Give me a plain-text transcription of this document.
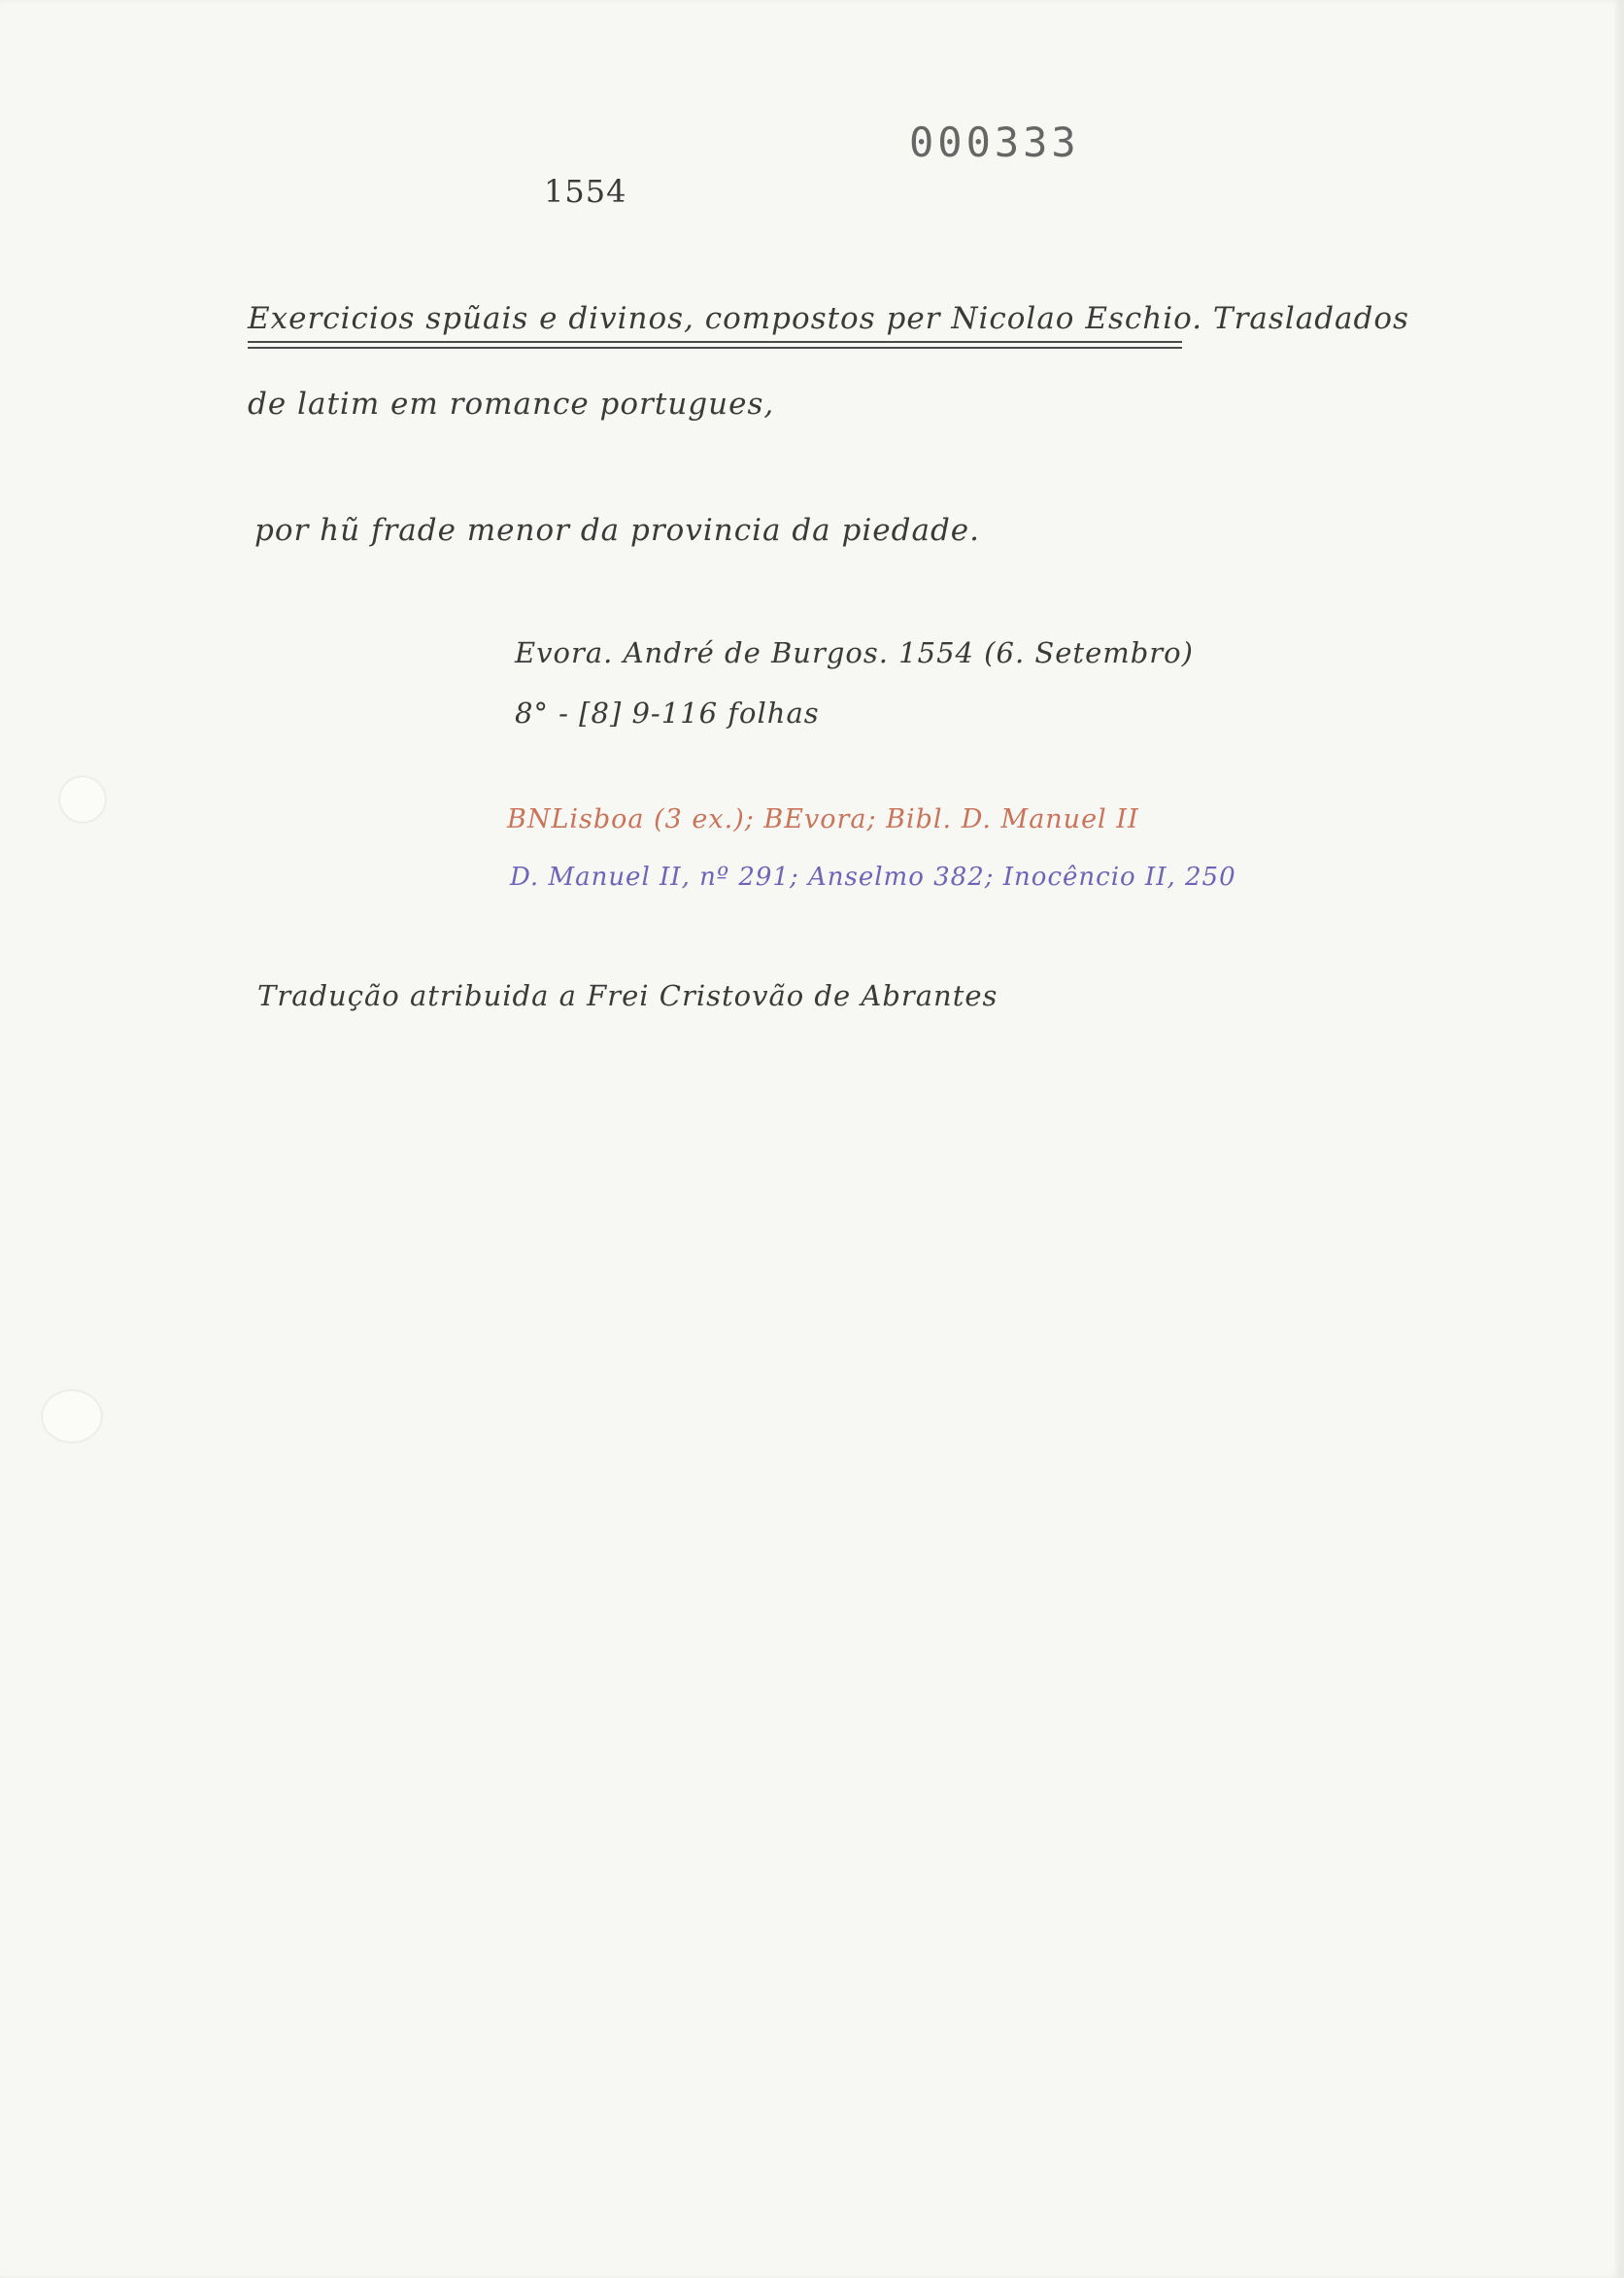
000333
1554
Exercicios spũais e divinos, compostos per Nicolao Eschio. Trasladados
de latim em romance portugues,
por hũ frade menor da provincia da piedade.
Evora. André de Burgos. 1554 (6. Setembro)
8° - [8] 9-116 folhas
BNLisboa (3 ex.); BEvora; Bibl. D. Manuel II
D. Manuel II, nº 291; Anselmo 382; Inocêncio II, 250
Tradução atribuida a Frei Cristovão de Abrantes
